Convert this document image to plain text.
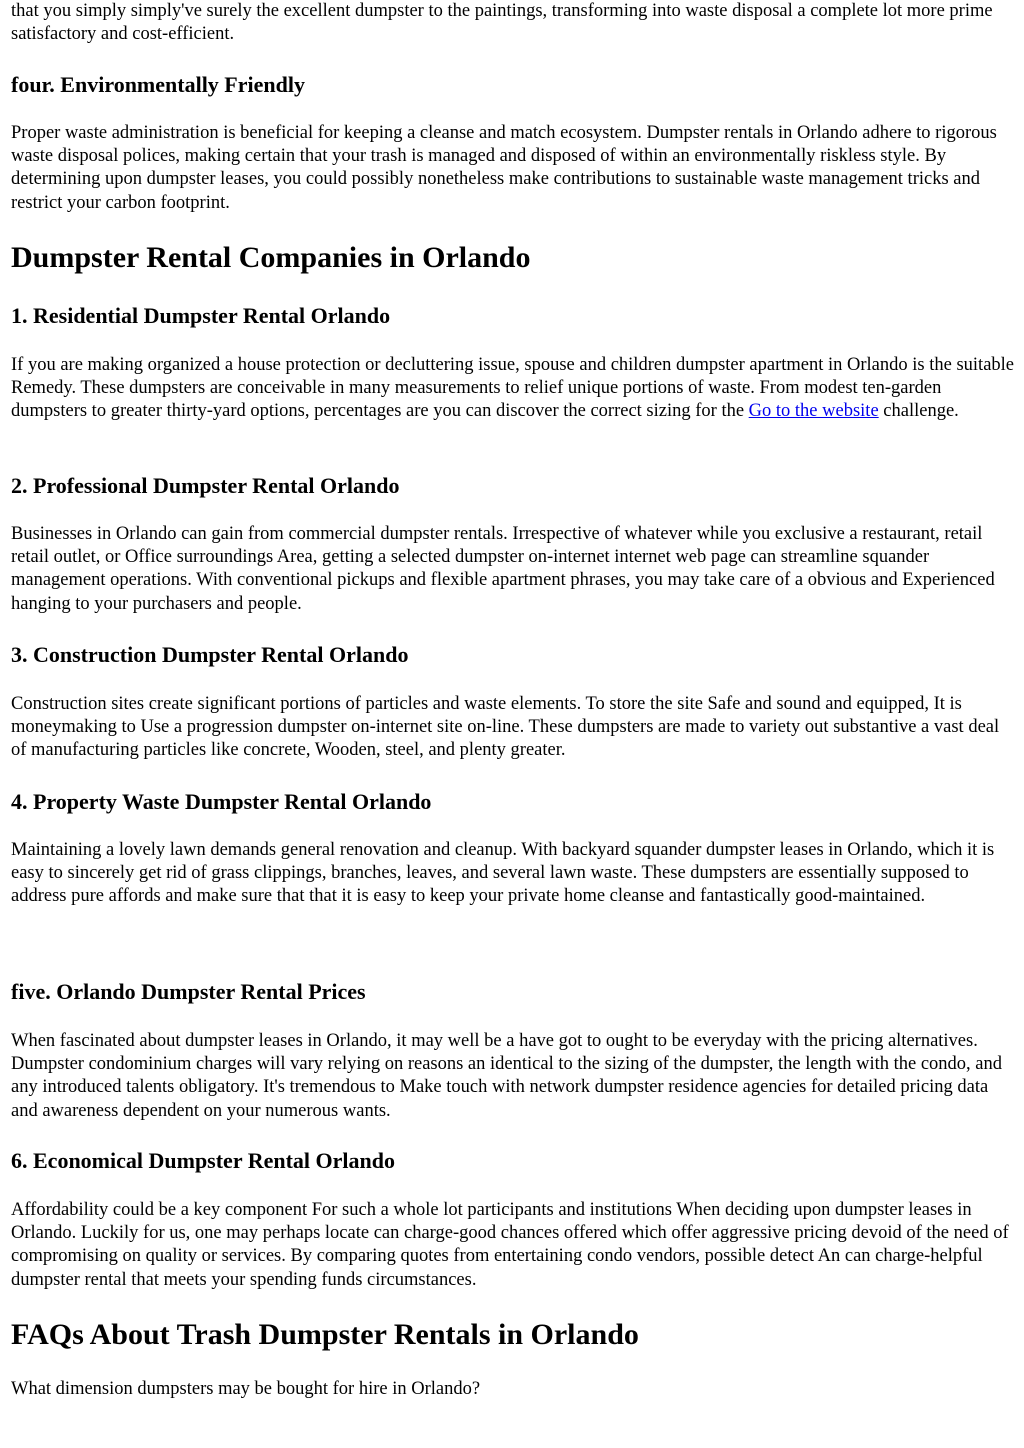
that you simply simply've surely the excellent dumpster to the paintings, transforming into waste disposal a complete lot more prime satisfactory and cost-efficient.

four. Environmentally Friendly

Proper waste administration is beneficial for keeping a cleanse and match ecosystem. Dumpster rentals in Orlando adhere to rigorous waste disposal polices, making certain that your trash is managed and disposed of within an environmentally riskless style. By determining upon dumpster leases, you could possibly nonetheless make contributions to sustainable waste management tricks and restrict your carbon footprint.

Dumpster Rental Companies in Orlando
1. Residential Dumpster Rental Orlando

If you are making organized a house protection or decluttering issue, spouse and children dumpster apartment in Orlando is the suitable Remedy. These dumpsters are conceivable in many measurements to relief unique portions of waste. From modest ten-garden dumpsters to greater thirty-yard options, percentages are you can discover the correct sizing for the Go to the website challenge.

2. Professional Dumpster Rental Orlando

Businesses in Orlando can gain from commercial dumpster rentals. Irrespective of whatever while you exclusive a restaurant, retail retail outlet, or Office surroundings Area, getting a selected dumpster on-internet internet web page can streamline squander management operations. With conventional pickups and flexible apartment phrases, you may take care of a obvious and Experienced hanging to your purchasers and people.

3. Construction Dumpster Rental Orlando

Construction sites create significant portions of particles and waste elements. To store the site Safe and sound and equipped, It is moneymaking to Use a progression dumpster on-internet site on-line. These dumpsters are made to variety out substantive a vast deal of manufacturing particles like concrete, Wooden, steel, and plenty greater.

4. Property Waste Dumpster Rental Orlando

Maintaining a lovely lawn demands general renovation and cleanup. With backyard squander dumpster leases in Orlando, which it is easy to sincerely get rid of grass clippings, branches, leaves, and several lawn waste. These dumpsters are essentially supposed to address pure affords and make sure that that it is easy to keep your private home cleanse and fantastically good-maintained.

five. Orlando Dumpster Rental Prices

When fascinated about dumpster leases in Orlando, it may well be a have got to ought to be everyday with the pricing alternatives. Dumpster condominium charges will vary relying on reasons an identical to the sizing of the dumpster, the length with the condo, and any introduced talents obligatory. It's tremendous to Make touch with network dumpster residence agencies for detailed pricing data and awareness dependent on your numerous wants.

6. Economical Dumpster Rental Orlando

Affordability could be a key component For such a whole lot participants and institutions When deciding upon dumpster leases in Orlando. Luckily for us, one may perhaps locate can charge-good chances offered which offer aggressive pricing devoid of the need of compromising on quality or services. By comparing quotes from entertaining condo vendors, possible detect An can charge-helpful dumpster rental that meets your spending funds circumstances.

FAQs About Trash Dumpster Rentals in Orlando

What dimension dumpsters may be bought for hire in Orlando?
